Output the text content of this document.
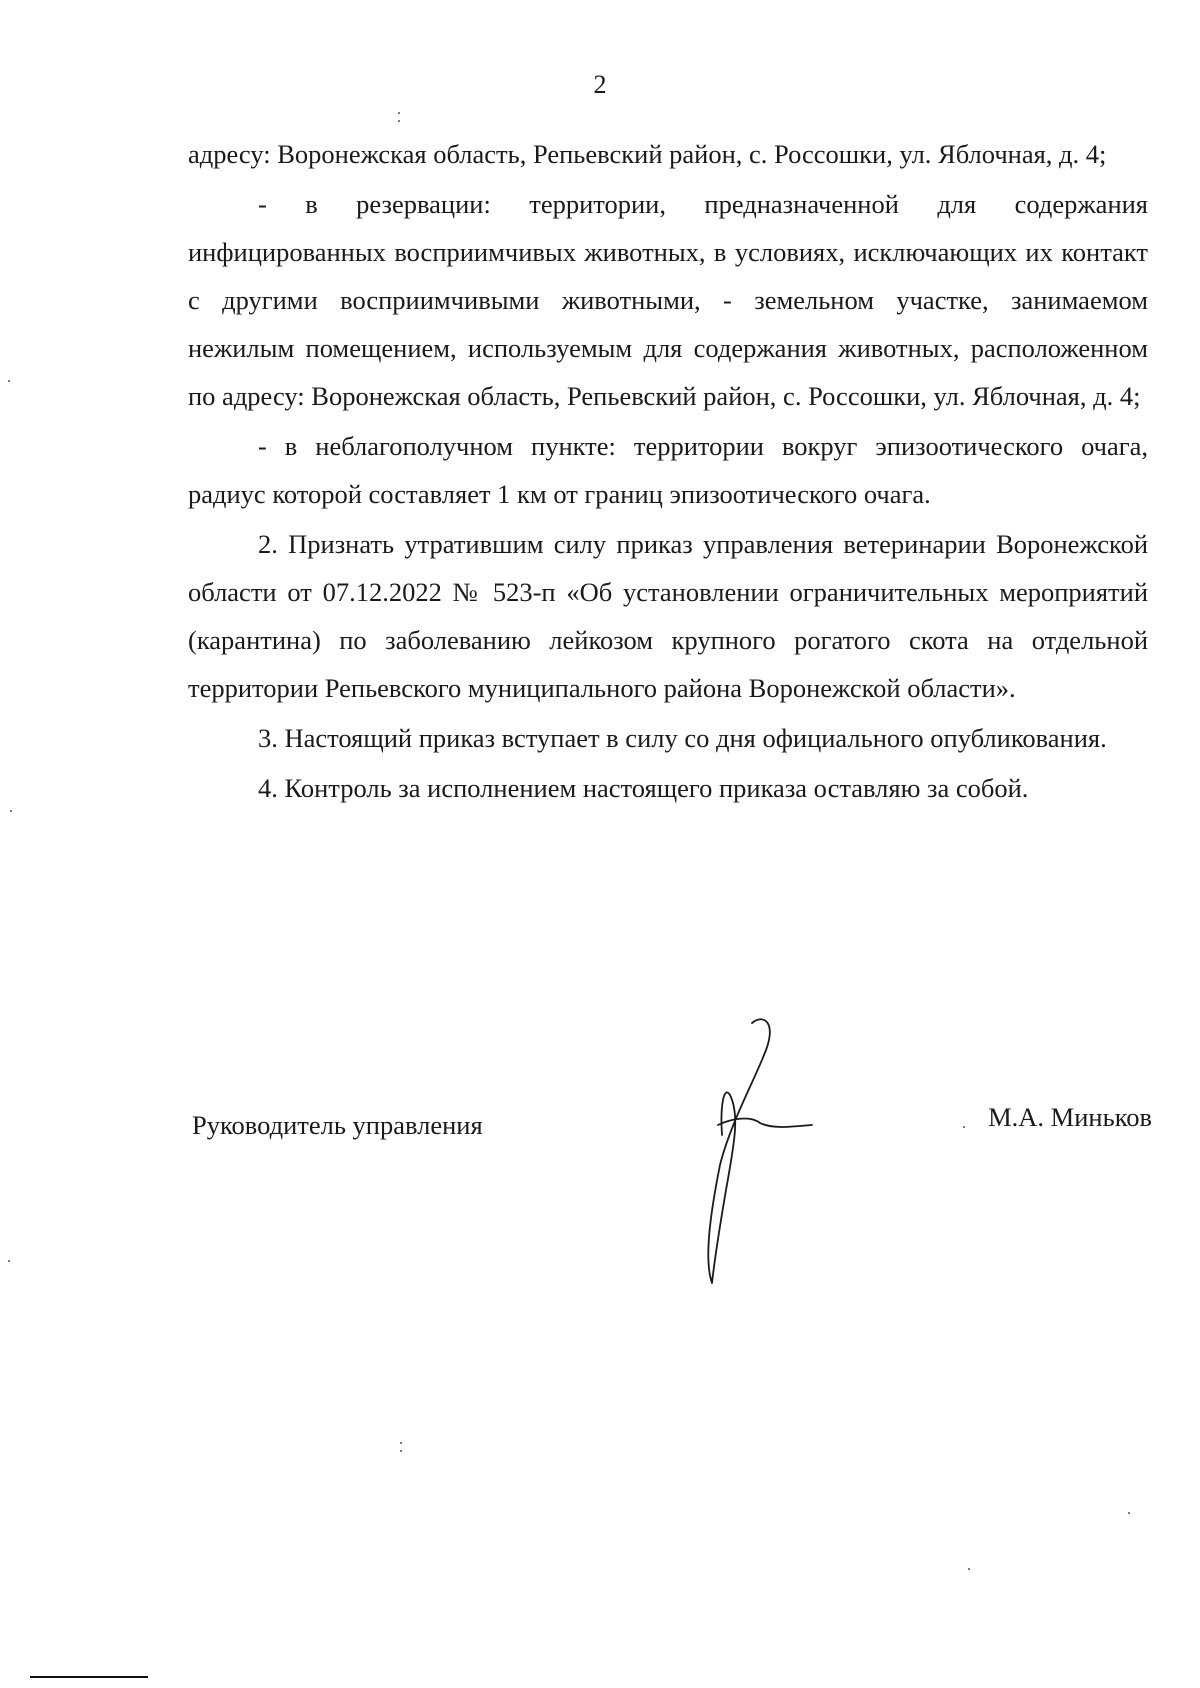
2

адресу: Воронежская область, Репьевский район, с. Россошки, ул. Яблочная, д. 4;

- в резервации: территории, предназначенной для содержания инфицированных восприимчивых животных, в условиях, исключающих их контакт с другими восприимчивыми животными, - земельном участке, занимаемом нежилым помещением, используемым для содержания животных, расположенном по адресу: Воронежская область, Репьевский район, с. Россошки, ул. Яблочная, д. 4;

- в неблагополучном пункте: территории вокруг эпизоотического очага, радиус которой составляет 1 км от границ эпизоотического очага.

2. Признать утратившим силу приказ управления ветеринарии Воронежской области от 07.12.2022 № 523-п «Об установлении ограничительных мероприятий (карантина) по заболеванию лейкозом крупного рогатого скота на отдельной территории Репьевского муниципального района Воронежской области».

3. Настоящий приказ вступает в силу со дня официального опубликования.

4. Контроль за исполнением настоящего приказа оставляю за собой.

Руководитель управления	М.А. Миньков
